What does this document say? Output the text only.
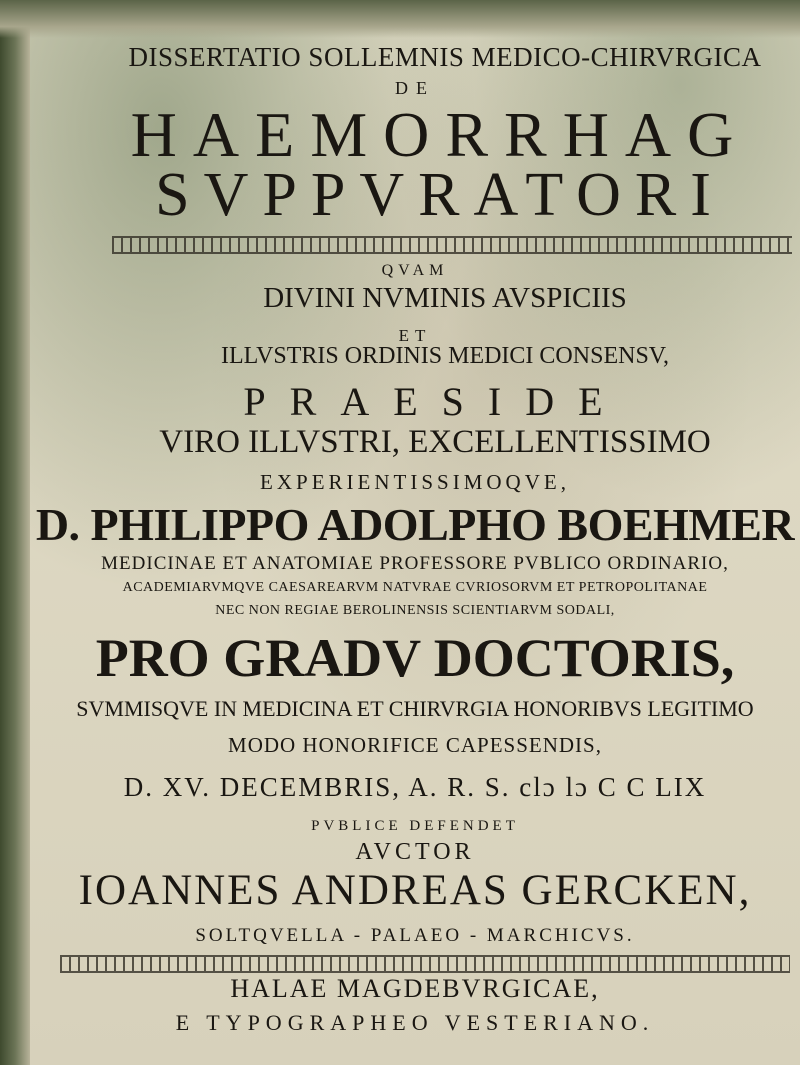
DISSERTATIO SOLLEMNIS MEDICO-CHIRVRGICA
DE
HAEMORRHAG
SVPPVRATORI
QVAM
DIVINI NVMINIS AVSPICIIS
ET
ILLVSTRIS ORDINIS MEDICI CONSENSV,
PRAESIDE
VIRO ILLVSTRI, EXCELLENTISSIMO
EXPERIENTISSIMOQVE,
D. PHILIPPO ADOLPHO BOEHMER
MEDICINAE ET ANATOMIAE PROFESSORE PVBLICO ORDINARIO,
ACADEMIARVMQVE CAESAREARVM NATVRAE CVRIOSORVM ET PETROPOLITANAE
NEC NON REGIAE BEROLINENSIS SCIENTIARVM SODALI,
PRO GRADV DOCTORIS,
SVMMISQVE IN MEDICINA ET CHIRVRGIA HONORIBVS LEGITIMO
MODO HONORIFICE CAPESSENDIS,
D. XV. DECEMBRIS, A. R. S. clɔ lɔ C C LIX
PVBLICE DEFENDET
AVCTOR
IOANNES ANDREAS GERCKEN,
SOLTQVELLA - PALAEO - MARCHICVS.
HALAE MAGDEBVRGICAE,
E TYPOGRAPHEO VESTERIANO.
